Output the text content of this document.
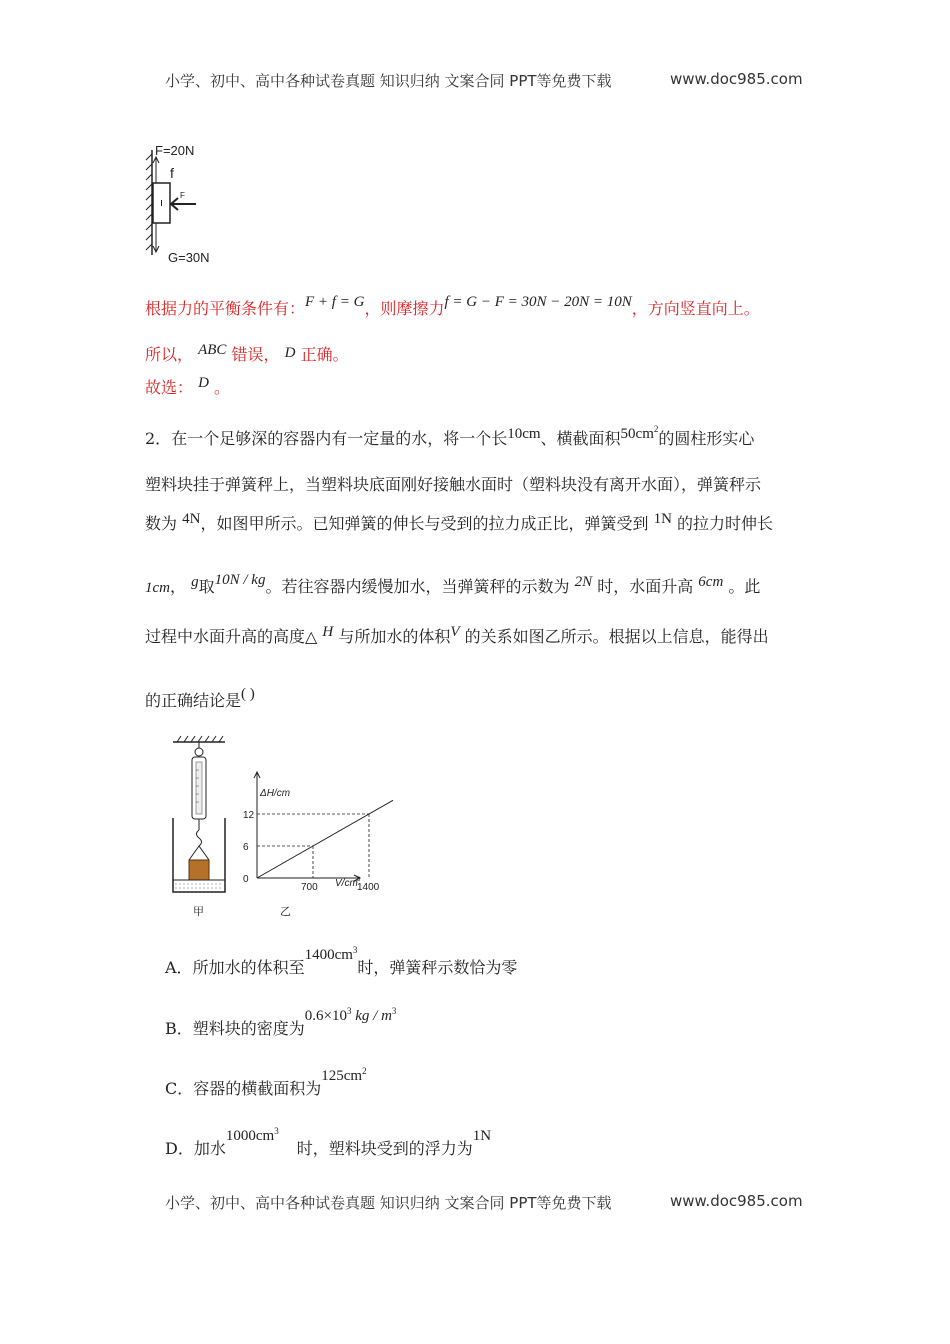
小学、初中、高中各种试卷真题 知识归纳 文案合同 PPT等免费下载	www.doc985.com
F=20N
f
F
G=30N
根据力的平衡条件有：F + f = G，则摩擦力f = G − F = 30N − 20N = 10N，方向竖直向上。
所以， ABC 错误， D 正确。
故选： D 。
2．在一个足够深的容器内有一定量的水，将一个长10cm、横截面积$50cm^2$的圆柱形实心
塑料块挂于弹簧秤上，当塑料块底面刚好接触水面时（塑料块没有离开水面），弹簧秤示
数为 4N，如图甲所示。已知弹簧的伸长与受到的拉力成正比，弹簧受到 1N 的拉力时伸长
1cm， g取10N / kg。若往容器内缓慢加水，当弹簧秤的示数为 2N 时，水面升高 6cm 。此
过程中水面升高的高度△ H 与所加水的体积V 的关系如图乙所示。根据以上信息，能得出
的正确结论是( )
甲
ΔH/cm
V/cm 3
12
6
0
700	1400
乙
A．所加水的体积至$1400cm^3$时，弹簧秤示数恰为零
B．塑料块的密度为$0.6\times 10^3$ kg / $m^3$
C．容器的横截面积为$125cm^2$
D．加水$1000cm^3$时，塑料块受到的浮力为1N
小学、初中、高中各种试卷真题 知识归纳 文案合同 PPT等免费下载	www.doc985.com
